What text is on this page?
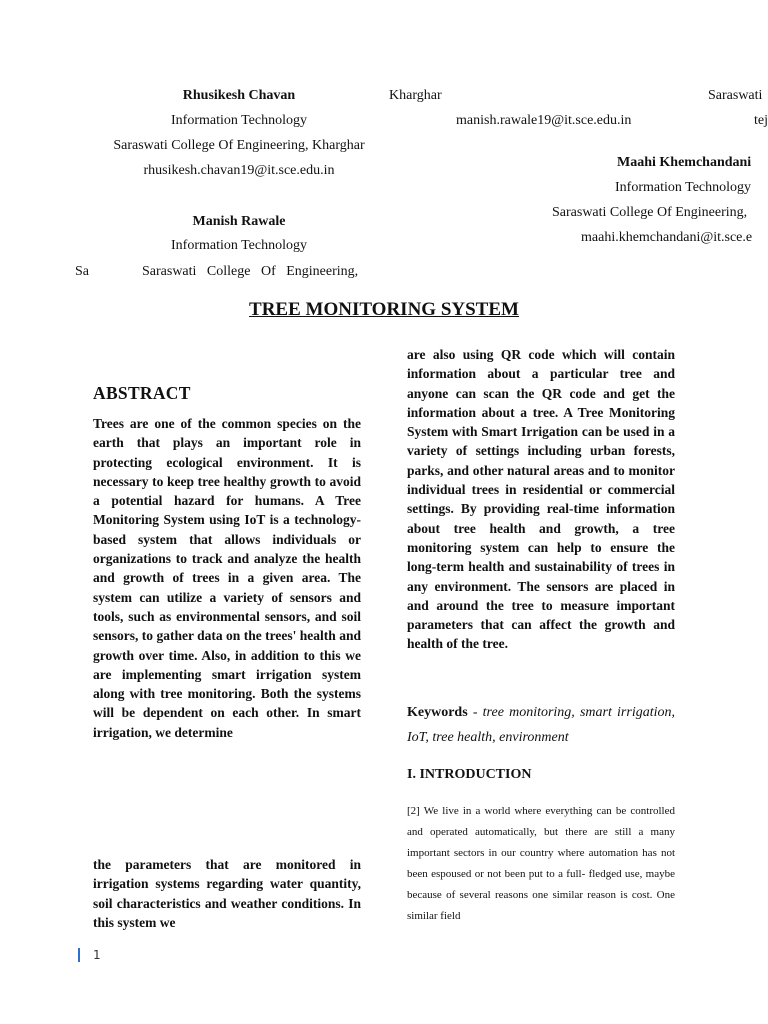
Rhusikesh Chavan
Information Technology
Saraswati College Of Engineering, Kharghar
rhusikesh.chavan19@it.sce.edu.in
Manish Rawale
Information Technology
Sa	Saraswati   College   Of   Engineering,
Kharghar
manish.rawale19@it.sce.edu.in
Saraswati
tej
Maahi Khemchandani
Information Technology
Saraswati College Of Engineering,
maahi.khemchandani@it.sce.e
TREE MONITORING SYSTEM
ABSTRACT

Trees are one of the common species on the earth that plays an important role in protecting ecological environment. It is necessary to keep tree healthy growth to avoid a potential hazard for humans. A Tree Monitoring System using IoT is a technology-based system that allows individuals or organizations to track and analyze the health and growth of trees in a given area. The system can utilize a variety of sensors and tools, such as environmental sensors, and soil sensors, to gather data on the trees' health and growth over time. Also, in addition to this we are implementing smart irrigation system along with tree monitoring. Both the systems will be dependent on each other. In smart irrigation, we determine

the parameters that are monitored in irrigation systems regarding water quantity, soil characteristics and weather conditions. In this system we

are also using QR code which will contain information about a particular tree and anyone can scan the QR code and get the information about a tree. A Tree Monitoring System with Smart Irrigation can be used in a variety of settings including urban forests, parks, and other natural areas and to monitor individual trees in residential or commercial settings. By providing real-time information about tree health and growth, a tree monitoring system can help to ensure the long-term health and sustainability of trees in any environment. The sensors are placed in and around the tree to measure important parameters that can affect the growth and health of the tree.

Keywords - tree monitoring, smart irrigation, IoT, tree health, environment
I. INTRODUCTION

[2] We live in a world where everything can be controlled and operated automatically, but there are still a many important sectors in our country where automation has not been espoused or not been put to a full- fledged use, maybe because of several reasons one similar reason is cost. One similar field

1
